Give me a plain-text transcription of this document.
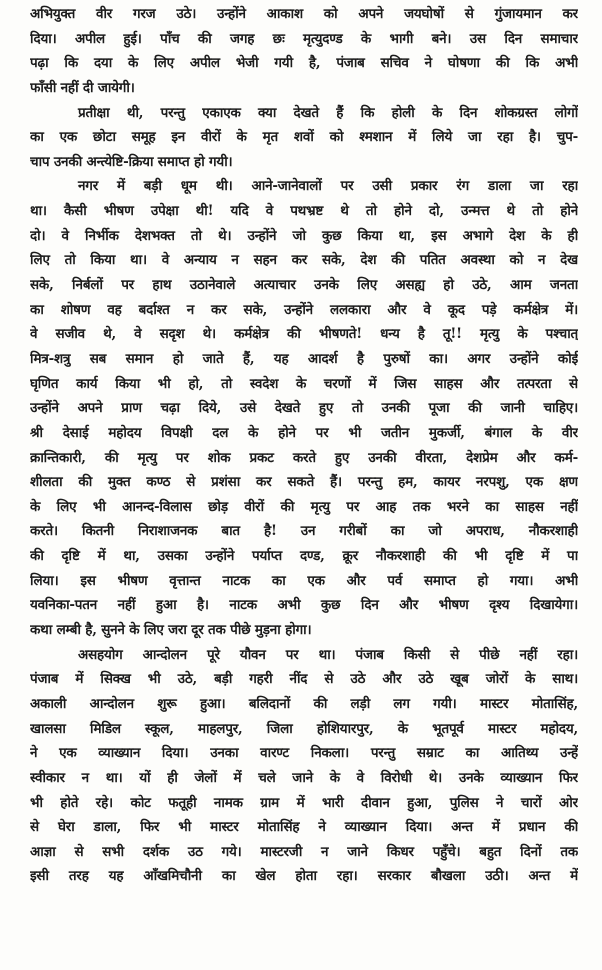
अभियुक्त वीर गरज उठे। उन्होंने आकाश को अपने जयघोषों से गुंजायमान कर
दिया। अपील हुई। पाँच की जगह छः मृत्युदण्ड के भागी बने। उस दिन समाचार
पढ़ा कि दया के लिए अपील भेजी गयी है, पंजाब सचिव ने घोषणा की कि अभी
फाँसी नहीं दी जायेगी।
प्रतीक्षा थी, परन्तु एकाएक क्या देखते हैं कि होली के दिन शोकग्रस्त लोगों
का एक छोटा समूह इन वीरों के मृत शवों को श्मशान में लिये जा रहा है। चुप-
चाप उनकी अन्त्येष्टि-क्रिया समाप्त हो गयी।
नगर में बड़ी धूम थी। आने-जानेवालों पर उसी प्रकार रंग डाला जा रहा
था। कैसी भीषण उपेक्षा थी! यदि वे पथभ्रष्ट थे तो होने दो, उन्मत्त थे तो होने
दो। वे निर्भीक देशभक्त तो थे। उन्होंने जो कुछ किया था, इस अभागे देश के ही
लिए तो किया था। वे अन्याय न सहन कर सके, देश की पतित अवस्था को न देख
सके, निर्बलों पर हाथ उठानेवाले अत्याचार उनके लिए असह्य हो उठे, आम जनता
का शोषण वह बर्दाश्त न कर सके, उन्होंने ललकारा और वे कूद पड़े कर्मक्षेत्र में।
वे सजीव थे, वे सदृश थे। कर्मक्षेत्र की भीषणते! धन्य है तू!! मृत्यु के पश्चात्
मित्र-शत्रु सब समान हो जाते हैं, यह आदर्श है पुरुषों का। अगर उन्होंने कोई
घृणित कार्य किया भी हो, तो स्वदेश के चरणों में जिस साहस और तत्परता से
उन्होंने अपने प्राण चढ़ा दिये, उसे देखते हुए तो उनकी पूजा की जानी चाहिए।
श्री देसाई महोदय विपक्षी दल के होने पर भी जतीन मुकर्जी, बंगाल के वीर
क्रान्तिकारी, की मृत्यु पर शोक प्रकट करते हुए उनकी वीरता, देशप्रेम और कर्म-
शीलता की मुक्त कण्ठ से प्रशंसा कर सकते हैं। परन्तु हम, कायर नरपशु, एक क्षण
के लिए भी आनन्द-विलास छोड़ वीरों की मृत्यु पर आह तक भरने का साहस नहीं
करते। कितनी निराशाजनक बात है! उन गरीबों का जो अपराध, नौकरशाही
की दृष्टि में था, उसका उन्होंने पर्याप्त दण्ड, क्रूर नौकरशाही की भी दृष्टि में पा
लिया। इस भीषण वृत्तान्त नाटक का एक और पर्व समाप्त हो गया। अभी
यवनिका-पतन नहीं हुआ है। नाटक अभी कुछ दिन और भीषण दृश्य दिखायेगा।
कथा लम्बी है, सुनने के लिए जरा दूर तक पीछे मुड़ना होगा।
असहयोग आन्दोलन पूरे यौवन पर था। पंजाब किसी से पीछे नहीं रहा।
पंजाब में सिक्ख भी उठे, बड़ी गहरी नींद से उठे और उठे खूब जोरों के साथ।
अकाली आन्दोलन शुरू हुआ। बलिदानों की लड़ी लग गयी। मास्टर मोतासिंह,
खालसा मिडिल स्कूल, माहलपुर, जिला होशियारपुर, के भूतपूर्व मास्टर महोदय,
ने एक व्याख्यान दिया। उनका वारण्ट निकला। परन्तु सम्राट का आतिथ्य उन्हें
स्वीकार न था। यों ही जेलों में चले जाने के वे विरोधी थे। उनके व्याख्यान फिर
भी होते रहे। कोट फतूही नामक ग्राम में भारी दीवान हुआ, पुलिस ने चारों ओर
से घेरा डाला, फिर भी मास्टर मोतासिंह ने व्याख्यान दिया। अन्त में प्रधान की
आज्ञा से सभी दर्शक उठ गये। मास्टरजी न जाने किधर पहुँचे। बहुत दिनों तक
इसी तरह यह आँखमिचौनी का खेल होता रहा। सरकार बौखला उठी। अन्त में
